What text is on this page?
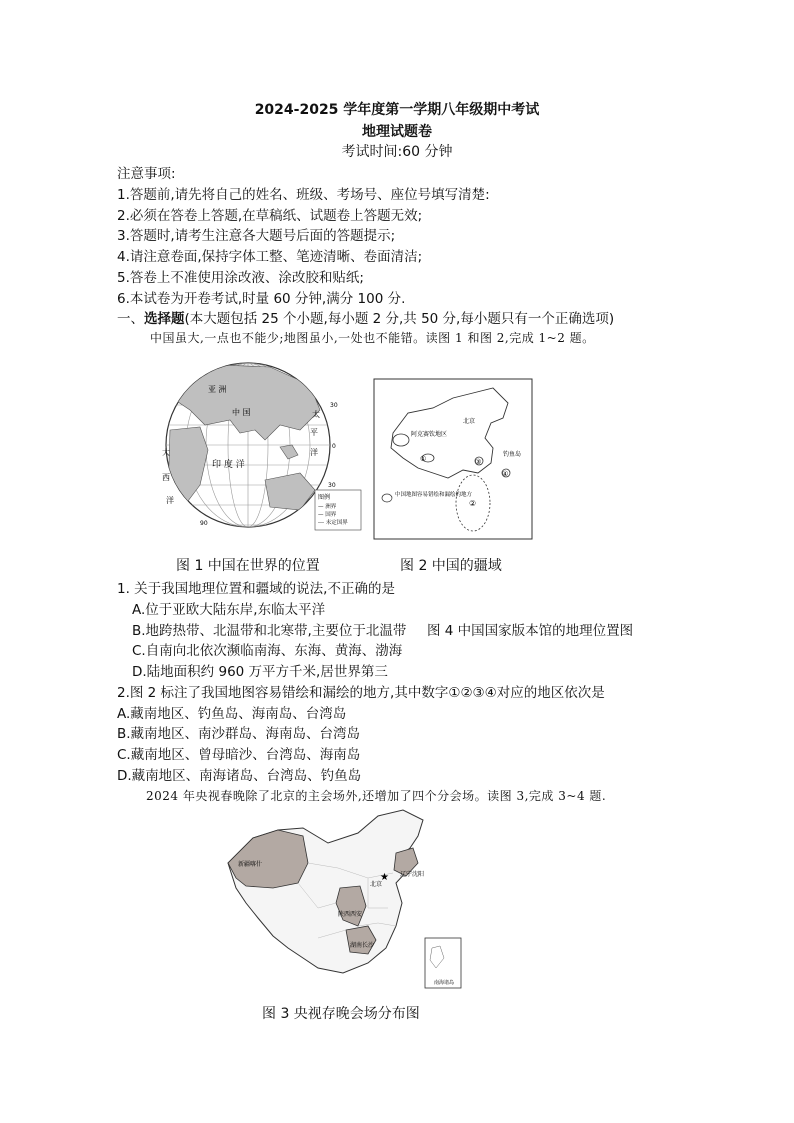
2024-2025 学年度第一学期八年级期中考试
地理试题卷
考试时间:60 分钟
注意事项:
1.答题前,请先将自己的姓名、班级、考场号、座位号填写清楚:
2.必须在答卷上答题,在草稿纸、试题卷上答题无效;
3.答题时,请考生注意各大题号后面的答题提示;
4.请注意卷面,保持字体工整、笔迹清晰、卷面清洁;
5.答卷上不准使用涂改液、涂改胶和贴纸;
6.本试卷为开卷考试,时量 60 分钟,满分 100 分.
一、选择题(本大题包括 25 个小题,每小题 2 分,共 50 分,每小题只有一个正确选项)
中国虽大,一点也不能少;地图虽小,一处也不能错。读图 1 和图 2,完成 1~2 题。
亚 洲
中 国	太
平
洋
印 度 洋
大
西
洋
30
0
30
90
图例
— 洲界
— 国界
--- 未定国界
阿克赛钦地区
北京
钓鱼岛
①
②
③
④
中国地图容易错绘和漏绘的地方
图 1 中国在世界的位置	图 2 中国的疆域
1. 关于我国地理位置和疆域的说法,不正确的是
A.位于亚欧大陆东岸,东临太平洋
B.地跨热带、北温带和北寒带,主要位于北温带 图 4 中国国家版本馆的地理位置图
C.自南向北依次濒临南海、东海、黄海、渤海
D.陆地面积约 960 万平方千米,居世界第三
2.图 2 标注了我国地图容易错绘和漏绘的地方,其中数字①②③④对应的地区依次是
A.藏南地区、钓鱼岛、海南岛、台湾岛
B.藏南地区、南沙群岛、海南岛、台湾岛
C.藏南地区、曾母暗沙、台湾岛、海南岛
D.藏南地区、南海诸岛、台湾岛、钓鱼岛
2024 年央视春晚除了北京的主会场外,还增加了四个分会场。读图 3,完成 3~4 题.
★
新疆喀什
北京
辽宁沈阳
陕西西安
湖南长沙
南海诸岛
图 3 央视存晚会场分布图
